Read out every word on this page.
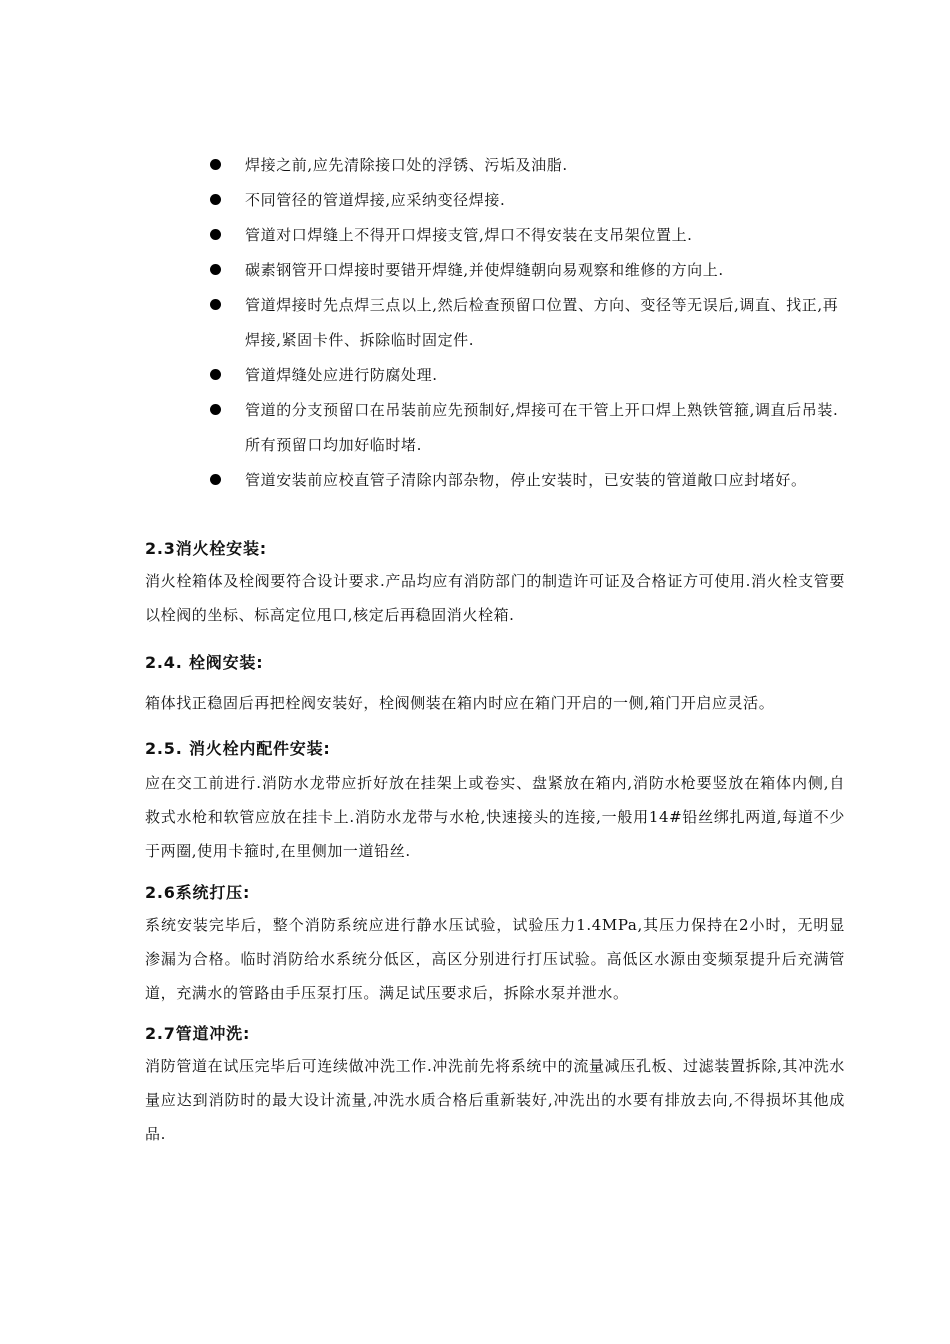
焊接之前,应先清除接口处的浮锈、污垢及油脂.
不同管径的管道焊接,应采纳变径焊接.
管道对口焊缝上不得开口焊接支管,焊口不得安装在支吊架位置上.
碳素钢管开口焊接时要错开焊缝,并使焊缝朝向易观察和维修的方向上.
管道焊接时先点焊三点以上,然后检查预留口位置、方向、变径等无误后,调直、找正,再焊接,紧固卡件、拆除临时固定件.
管道焊缝处应进行防腐处理.
管道的分支预留口在吊装前应先预制好,焊接可在干管上开口焊上熟铁管箍,调直后吊装.所有预留口均加好临时堵.
管道安装前应校直管子清除内部杂物，停止安装时，已安装的管道敞口应封堵好。

2.3消火栓安装:

消火栓箱体及栓阀要符合设计要求.产品均应有消防部门的制造许可证及合格证方可使用.消火栓支管要以栓阀的坐标、标高定位甩口,核定后再稳固消火栓箱.

2.4. 栓阀安装:

箱体找正稳固后再把栓阀安装好，栓阀侧装在箱内时应在箱门开启的一侧,箱门开启应灵活。

2.5. 消火栓内配件安装:

应在交工前进行.消防水龙带应折好放在挂架上或卷实、盘紧放在箱内,消防水枪要竖放在箱体内侧,自救式水枪和软管应放在挂卡上.消防水龙带与水枪,快速接头的连接,一般用14#铅丝绑扎两道,每道不少于两圈,使用卡箍时,在里侧加一道铅丝.

2.6系统打压:

系统安装完毕后，整个消防系统应进行静水压试验，试验压力1.4MPa,其压力保持在2小时，无明显渗漏为合格。临时消防给水系统分低区，高区分别进行打压试验。高低区水源由变频泵提升后充满管道，充满水的管路由手压泵打压。满足试压要求后，拆除水泵并泄水。

2.7管道冲洗:

消防管道在试压完毕后可连续做冲洗工作.冲洗前先将系统中的流量减压孔板、过滤装置拆除,其冲洗水量应达到消防时的最大设计流量,冲洗水质合格后重新装好,冲洗出的水要有排放去向,不得损坏其他成品.
